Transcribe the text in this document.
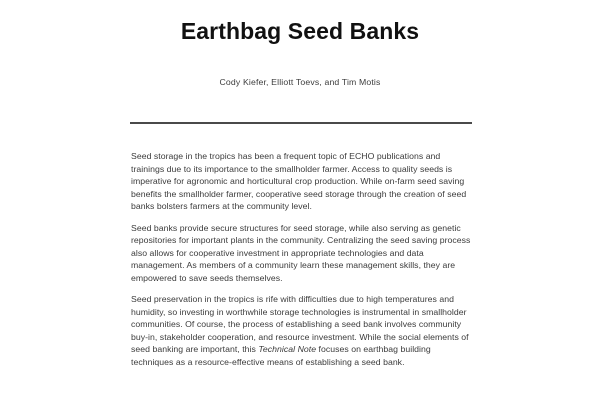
Earthbag Seed Banks

Cody Kiefer, Elliott Toevs, and Tim Motis

Seed storage in the tropics has been a frequent topic of ECHO publications and trainings due to its importance to the smallholder farmer. Access to quality seeds is imperative for agronomic and horticultural crop production. While on-farm seed saving benefits the smallholder farmer, cooperative seed storage through the creation of seed banks bolsters farmers at the community level.

Seed banks provide secure structures for seed storage, while also serving as genetic repositories for important plants in the community. Centralizing the seed saving process also allows for cooperative investment in appropriate technologies and data management. As members of a community learn these management skills, they are empowered to save seeds themselves.

Seed preservation in the tropics is rife with difficulties due to high temperatures and humidity, so investing in worthwhile storage technologies is instrumental in smallholder communities. Of course, the process of establishing a seed bank involves community buy-in, stakeholder cooperation, and resource investment. While the social elements of seed banking are important, this Technical Note focuses on earthbag building techniques as a resource-effective means of establishing a seed bank.
